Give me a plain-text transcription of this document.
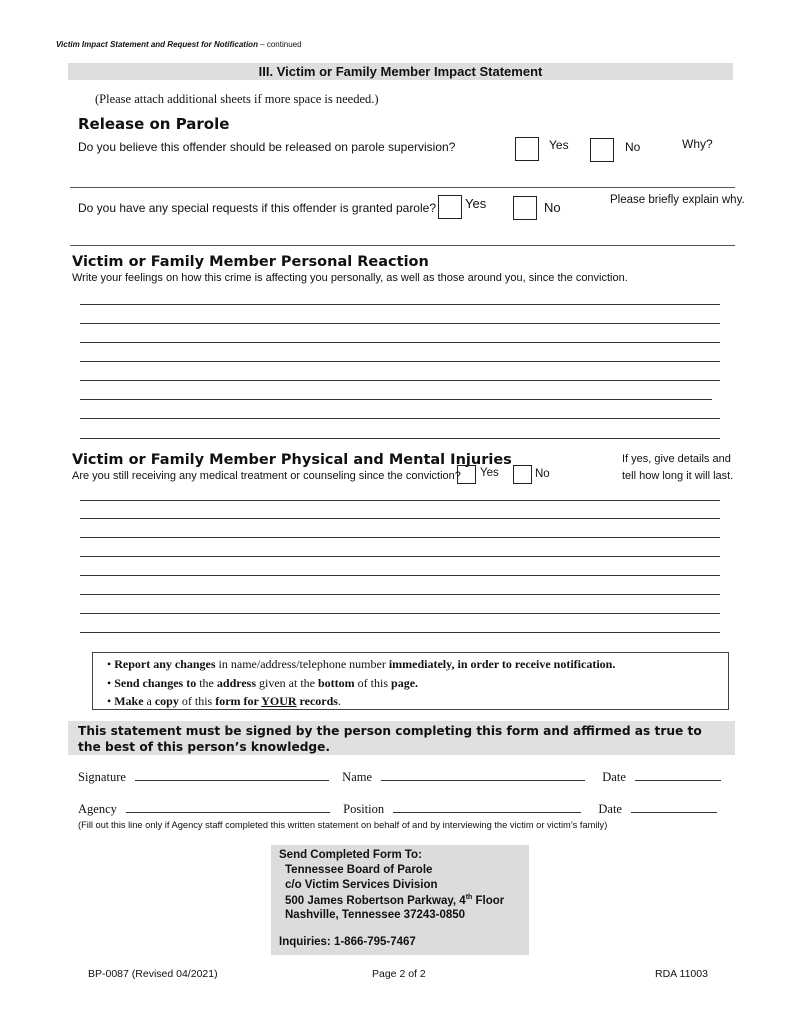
Victim Impact Statement and Request for Notification – continued
III. Victim or Family Member Impact Statement
(Please attach additional sheets if more space is needed.)
Release on Parole
Do you believe this offender should be released on parole supervision?	Yes	No	Why?
Do you have any special requests if this offender is granted parole? Yes	No	Please briefly explain why.
Victim or Family Member Personal Reaction
Write your feelings on how this crime is affecting you personally, as well as those around you, since the conviction.
Victim or Family Member Physical and Mental Injuries
Are you still receiving any medical treatment or counseling since the conviction? Yes	No
If yes, give details and
tell how long it will last.
• Report any changes in name/address/telephone number immediately, in order to receive notification.
• Send changes to the address given at the bottom of this page.
• Make a copy of this form for YOUR records.
This statement must be signed by the person completing this form and affirmed as true to the best of this person’s knowledge.
Signature	Name	Date
Agency	Position	Date
(Fill out this line only if Agency staff completed this written statement on behalf of and by interviewing the victim or victim’s family)
Send Completed Form To:
Tennessee Board of Parole
c/o Victim Services Division
500 James Robertson Parkway, 4th Floor
Nashville, Tennessee 37243-0850
Inquiries: 1-866-795-7467
BP-0087 (Revised 04/2021)	Page 2 of 2	RDA 11003
